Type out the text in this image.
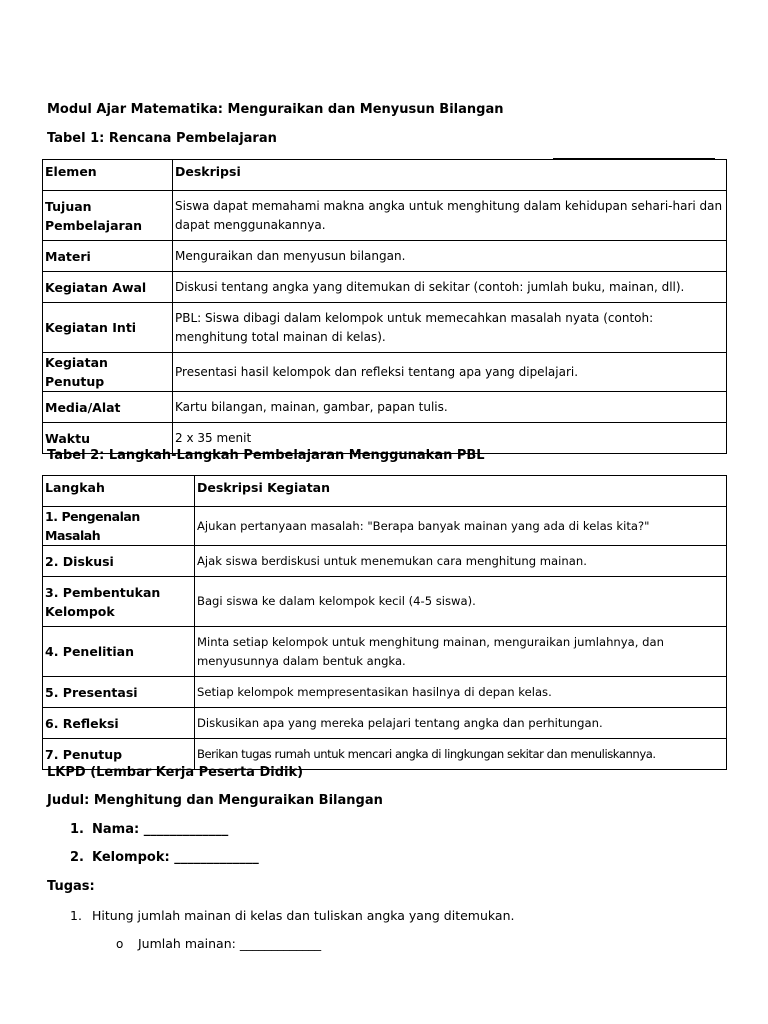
Modul Ajar Matematika: Menguraikan dan Menyusun Bilangan
Tabel 1: Rencana Pembelajaran
Elemen	Deskripsi
Tujuan Pembelajaran	Siswa dapat memahami makna angka untuk menghitung dalam kehidupan sehari-hari dan dapat menggunakannya.
Materi	Menguraikan dan menyusun bilangan.
Kegiatan Awal	Diskusi tentang angka yang ditemukan di sekitar (contoh: jumlah buku, mainan, dll).
Kegiatan Inti	PBL: Siswa dibagi dalam kelompok untuk memecahkan masalah nyata (contoh: menghitung total mainan di kelas).
Kegiatan Penutup	Presentasi hasil kelompok dan refleksi tentang apa yang dipelajari.
Media/Alat	Kartu bilangan, mainan, gambar, papan tulis.
Waktu	2 x 35 menit
Tabel 2: Langkah-Langkah Pembelajaran Menggunakan PBL
Langkah	Deskripsi Kegiatan
1. Pengenalan Masalah	Ajukan pertanyaan masalah: "Berapa banyak mainan yang ada di kelas kita?"
2. Diskusi	Ajak siswa berdiskusi untuk menemukan cara menghitung mainan.
3. Pembentukan Kelompok	Bagi siswa ke dalam kelompok kecil (4-5 siswa).
4. Penelitian	Minta setiap kelompok untuk menghitung mainan, menguraikan jumlahnya, dan menyusunnya dalam bentuk angka.
5. Presentasi	Setiap kelompok mempresentasikan hasilnya di depan kelas.
6. Refleksi	Diskusikan apa yang mereka pelajari tentang angka dan perhitungan.
7. Penutup	Berikan tugas rumah untuk mencari angka di lingkungan sekitar dan menuliskannya.
LKPD (Lembar Kerja Peserta Didik)
Judul: Menghitung dan Menguraikan Bilangan
1. Nama: _____________
2. Kelompok: _____________
Tugas:
1. Hitung jumlah mainan di kelas dan tuliskan angka yang ditemukan.
o Jumlah mainan: _____________
